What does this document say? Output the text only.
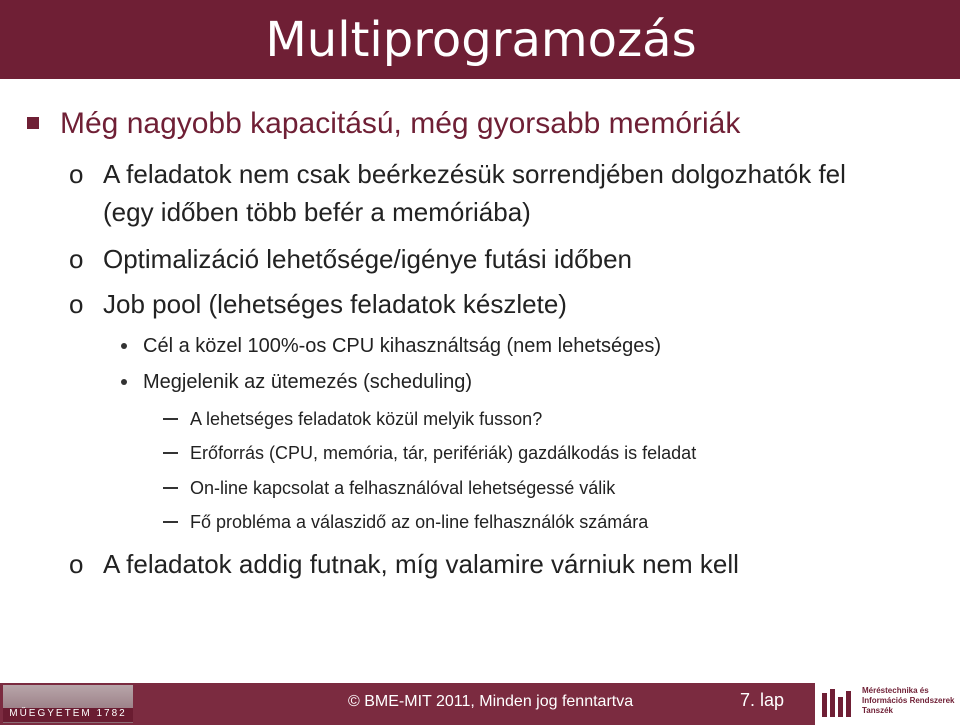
Multiprogramozás
Még nagyobb kapacitású, még gyorsabb memóriák
o A feladatok nem csak beérkezésük sorrendjében dolgozhatók fel
(egy időben több befér a memóriába)
o Optimalizáció lehetősége/igénye futási időben
o Job pool (lehetséges feladatok készlete)
Cél a közel 100%-os CPU kihasználtság (nem lehetséges)
Megjelenik az ütemezés (scheduling)
A lehetséges feladatok közül melyik fusson?
Erőforrás (CPU, memória, tár, perifériák) gazdálkodás is feladat
On-line kapcsolat a felhasználóval lehetségessé válik
Fő probléma a válaszidő az on-line felhasználók számára
o A feladatok addig futnak, míg valamire várniuk nem kell
MŰEGYETEM 1782
© BME-MIT 2011, Minden jog fenntartva	7. lap	Méréstechnika és
Információs Rendszerek
Tanszék
